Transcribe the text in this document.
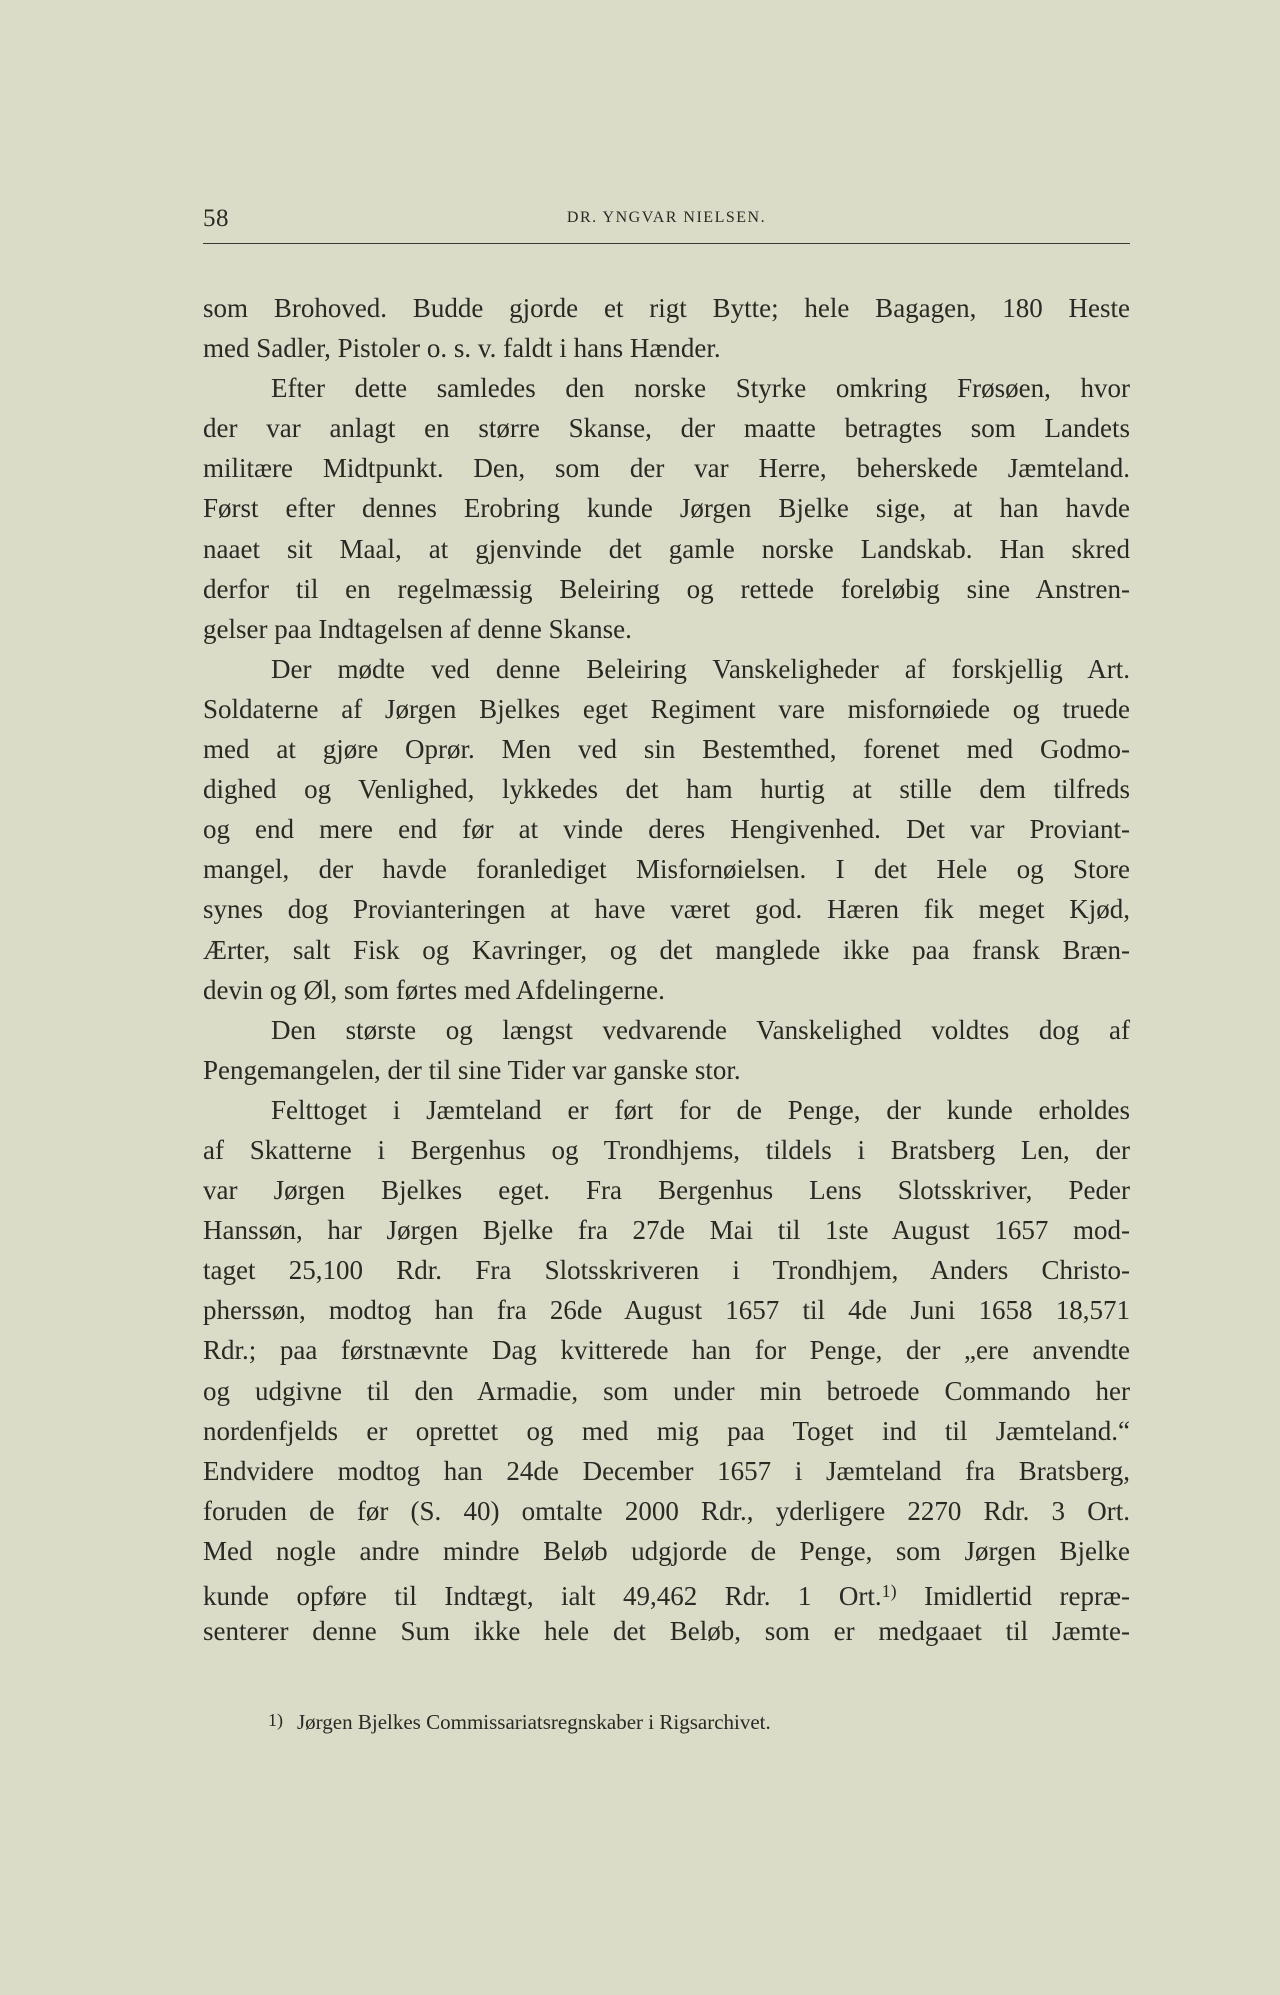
58	DR. YNGVAR NIELSEN.
som Brohoved. Budde gjorde et rigt Bytte; hele Bagagen, 180 Heste
med Sadler, Pistoler o. s. v. faldt i hans Hænder.
Efter dette samledes den norske Styrke omkring Frøsøen, hvor
der var anlagt en større Skanse, der maatte betragtes som Landets
militære Midtpunkt. Den, som der var Herre, beherskede Jæmteland.
Først efter dennes Erobring kunde Jørgen Bjelke sige, at han havde
naaet sit Maal, at gjenvinde det gamle norske Landskab. Han skred
derfor til en regelmæssig Beleiring og rettede foreløbig sine Anstren-
gelser paa Indtagelsen af denne Skanse.
Der mødte ved denne Beleiring Vanskeligheder af forskjellig Art.
Soldaterne af Jørgen Bjelkes eget Regiment vare misfornøiede og truede
med at gjøre Oprør. Men ved sin Bestemthed, forenet med Godmo-
dighed og Venlighed, lykkedes det ham hurtig at stille dem tilfreds
og end mere end før at vinde deres Hengivenhed. Det var Proviant-
mangel, der havde foranlediget Misfornøielsen. I det Hele og Store
synes dog Provianteringen at have været god. Hæren fik meget Kjød,
Ærter, salt Fisk og Kavringer, og det manglede ikke paa fransk Bræn-
devin og Øl, som førtes med Afdelingerne.
Den største og længst vedvarende Vanskelighed voldtes dog af
Pengemangelen, der til sine Tider var ganske stor.
Felttoget i Jæmteland er ført for de Penge, der kunde erholdes
af Skatterne i Bergenhus og Trondhjems, tildels i Bratsberg Len, der
var Jørgen Bjelkes eget. Fra Bergenhus Lens Slotsskriver, Peder
Hanssøn, har Jørgen Bjelke fra 27de Mai til 1ste August 1657 mod-
taget 25,100 Rdr. Fra Slotsskriveren i Trondhjem, Anders Christo-
pherssøn, modtog han fra 26de August 1657 til 4de Juni 1658 18,571
Rdr.; paa førstnævnte Dag kvitterede han for Penge, der „ere anvendte
og udgivne til den Armadie, som under min betroede Commando her
nordenfjelds er oprettet og med mig paa Toget ind til Jæmteland.“
Endvidere modtog han 24de December 1657 i Jæmteland fra Bratsberg,
foruden de før (S. 40) omtalte 2000 Rdr., yderligere 2270 Rdr. 3 Ort.
Med nogle andre mindre Beløb udgjorde de Penge, som Jørgen Bjelke
kunde opføre til Indtægt, ialt 49,462 Rdr. 1 Ort.$^{1)}$ Imidlertid repræ-
senterer denne Sum ikke hele det Beløb, som er medgaaet til Jæmte-
1) Jørgen Bjelkes Commissariatsregnskaber i Rigsarchivet.
